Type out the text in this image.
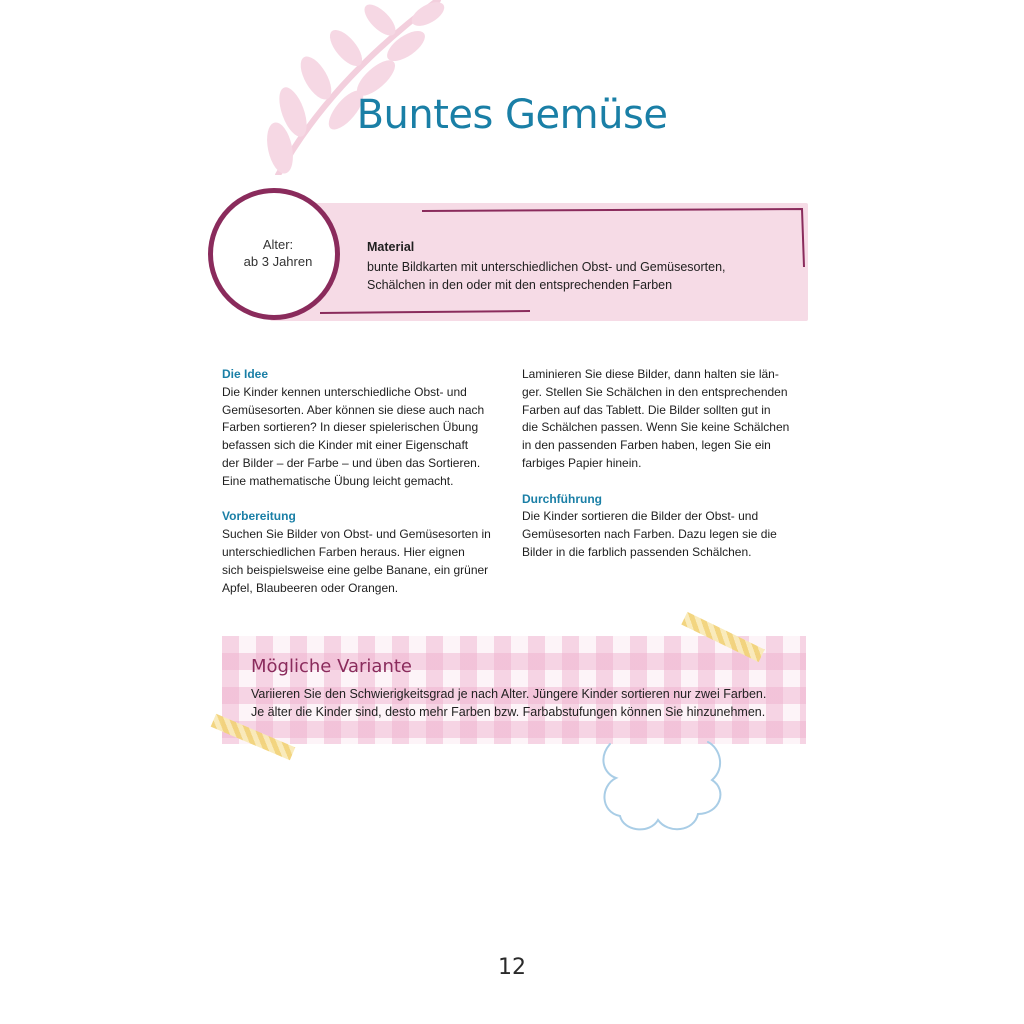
Buntes Gemüse
Alter:
ab 3 Jahren
Material
bunte Bildkarten mit unterschiedlichen Obst- und Gemüsesorten,
Schälchen in den oder mit den entsprechenden Farben
Die Idee
Die Kinder kennen unterschiedliche Obst- und
Gemüsesorten. Aber können sie diese auch nach
Farben sortieren? In dieser spielerischen Übung
befassen sich die Kinder mit einer Eigenschaft
der Bilder – der Farbe – und üben das Sortieren.
Eine mathematische Übung leicht gemacht.
Vorbereitung
Suchen Sie Bilder von Obst- und Gemüsesorten in
unterschiedlichen Farben heraus. Hier eignen
sich beispielsweise eine gelbe Banane, ein grüner
Apfel, Blaubeeren oder Orangen.
Laminieren Sie diese Bilder, dann halten sie län-
ger. Stellen Sie Schälchen in den entsprechenden
Farben auf das Tablett. Die Bilder sollten gut in
die Schälchen passen. Wenn Sie keine Schälchen
in den passenden Farben haben, legen Sie ein
farbiges Papier hinein.
Durchführung
Die Kinder sortieren die Bilder der Obst- und
Gemüsesorten nach Farben. Dazu legen sie die
Bilder in die farblich passenden Schälchen.
Mögliche Variante
Variieren Sie den Schwierigkeitsgrad je nach Alter. Jüngere Kinder sortieren nur zwei Farben.
Je älter die Kinder sind, desto mehr Farben bzw. Farbabstufungen können Sie hinzunehmen.
12
